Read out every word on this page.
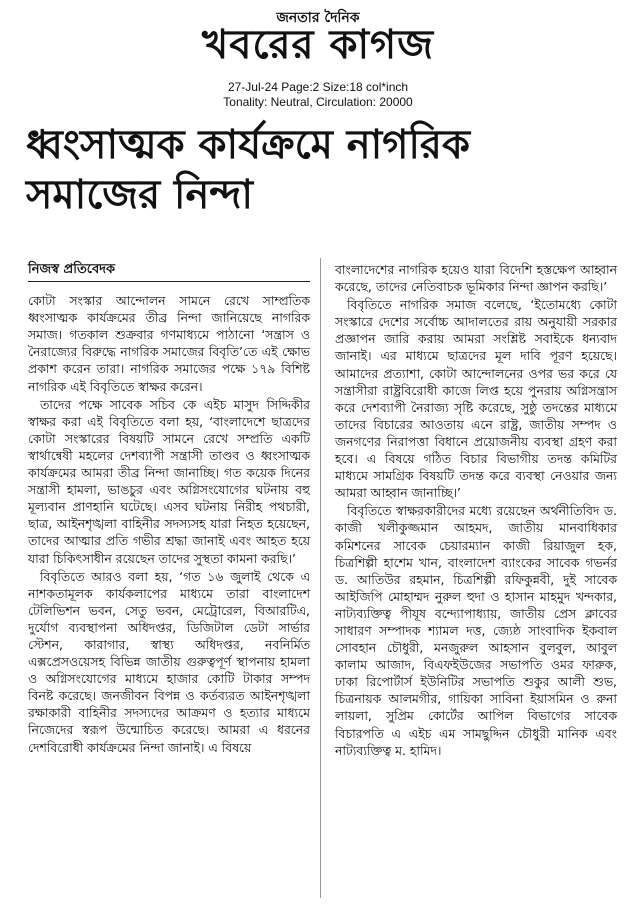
জনতার দৈনিক
খবরের কাগজ
27-Jul-24 Page:2 Size:18 col*inch
Tonality: Neutral, Circulation: 20000
ধ্বংসাত্মক কার্যক্রমে নাগরিক
সমাজের নিন্দা
নিজস্ব প্রতিবেদক

কোটা সংস্কার আন্দোলন সামনে রেখে সাম্প্রতিক ধ্বংসাত্মক কার্যক্রমের তীব্র নিন্দা জানিয়েছে নাগরিক সমাজ। গতকাল শুক্রবার গণমাধ্যমে পাঠানো ‘সন্ত্রাস ও নৈরাজ্যের বিরুদ্ধে নাগরিক সমাজের বিবৃতি’তে এই ক্ষোভ প্রকাশ করেন তারা। নাগরিক সমাজের পক্ষে ১৭৯ বিশিষ্ট নাগরিক এই বিবৃতিতে স্বাক্ষর করেন।

তাদের পক্ষে সাবেক সচিব কে এইচ মাসুদ সিদ্দিকীর স্বাক্ষর করা এই বিবৃতিতে বলা হয়, ‘বাংলাদেশে ছাত্রদের কোটা সংস্কারের বিষয়টি সামনে রেখে সম্প্রতি একটি স্বার্থান্বেষী মহলের দেশব্যাপী সন্ত্রাসী তাণ্ডব ও ধ্বংসাত্মক কার্যক্রমের আমরা তীব্র নিন্দা জানাচ্ছি। গত কয়েক দিনের সন্ত্রাসী হামলা, ভাঙচুর এবং অগ্নিসংযোগের ঘটনায় বহু মূল্যবান প্রাণহানি ঘটেছে। এসব ঘটনায় নিরীহ পথচারী, ছাত্র, আইনশৃঙ্খলা বাহিনীর সদস্যসহ যারা নিহত হয়েছেন, তাদের আত্মার প্রতি গভীর শ্রদ্ধা জানাই এবং আহত হয়ে যারা চিকিৎসাধীন রয়েছেন তাদের সুস্থতা কামনা করছি।’

বিবৃতিতে আরও বলা হয়, ‘গত ১৬ জুলাই থেকে এ নাশকতামূলক কার্যকলাপের মাধ্যমে তারা বাংলাদেশ টেলিভিশন ভবন, সেতু ভবন, মেট্রোরেল, বিআরটিএ, দুর্যোগ ব্যবস্থাপনা অধিদপ্তর, ডিজিটাল ডেটা সার্ভার স্টেশন, কারাগার, স্বাস্থ্য অধিদপ্তর, নবনির্মিত এক্সপ্রেসওয়েসহ বিভিন্ন জাতীয় গুরুত্বপূর্ণ স্থাপনায় হামলা ও অগ্নিসংযোগের মাধ্যমে হাজার কোটি টাকার সম্পদ বিনষ্ট করেছে। জনজীবন বিপন্ন ও কর্তব্যরত আইনশৃঙ্খলা রক্ষাকারী বাহিনীর সদস্যদের আক্রমণ ও হত্যার মাধ্যমে নিজেদের স্বরূপ উন্মোচিত করেছে। আমরা এ ধরনের দেশবিরোধী কার্যক্রমের নিন্দা জানাই। এ বিষয়ে

বাংলাদেশের নাগরিক হয়েও যারা বিদেশি হস্তক্ষেপ আহ্বান করেছে, তাদের নেতিবাচক ভূমিকার নিন্দা জ্ঞাপন করছি।’

বিবৃতিতে নাগরিক সমাজ বলেছে, ‘ইতোমধ্যে কোটা সংস্কারে দেশের সর্বোচ্চ আদালতের রায় অনুযায়ী সরকার প্রজ্ঞাপন জারি করায় আমরা সংশ্লিষ্ট সবাইকে ধন্যবাদ জানাই। এর মাধ্যমে ছাত্রদের মূল দাবি পূরণ হয়েছে। আমাদের প্রত্যাশা, কোটা আন্দোলনের ওপর ভর করে যে সন্ত্রাসীরা রাষ্ট্রবিরোধী কাজে লিপ্ত হয়ে পুনরায় অগ্নিসন্ত্রাস করে দেশব্যাপী নৈরাজ্য সৃষ্টি করেছে, সুষ্ঠু তদন্তের মাধ্যমে তাদের বিচারের আওতায় এনে রাষ্ট্র, জাতীয় সম্পদ ও জনগণের নিরাপত্তা বিধানে প্রয়োজনীয় ব্যবস্থা গ্রহণ করা হবে। এ বিষয়ে গঠিত বিচার বিভাগীয় তদন্ত কমিটির মাধ্যমে সামগ্রিক বিষয়টি তদন্ত করে ব্যবস্থা নেওয়ার জন্য আমরা আহ্বান জানাচ্ছি।’

বিবৃতিতে স্বাক্ষরকারীদের মধ্যে রয়েছেন অর্থনীতিবিদ ড. কাজী খলীকুজ্জমান আহমদ, জাতীয় মানবাধিকার কমিশনের সাবেক চেয়ারম্যান কাজী রিয়াজুল হক, চিত্রশিল্পী হাশেম খান, বাংলাদেশ ব্যাংকের সাবেক গভর্নর ড. আতিউর রহমান, চিত্রশিল্পী রফিকুন্নবী, দুই সাবেক আইজিপি মোহাম্মদ নুরুল হুদা ও হাসান মাহমুদ খন্দকার, নাট্যব্যক্তিত্ব পীযূষ বন্দ্যোপাধ্যায়, জাতীয় প্রেস ক্লাবের সাধারণ সম্পাদক শ্যামল দত্ত, জ্যেষ্ঠ সাংবাদিক ইকবাল সোবহান চৌধুরী, মনজুরুল আহসান বুলবুল, আবুল কালাম আজাদ, বিএফইউজের সভাপতি ওমর ফারুক, ঢাকা রিপোর্টার্স ইউনিটির সভাপতি শুকুর আলী শুভ, চিত্রনায়ক আলমগীর, গায়িকা সাবিনা ইয়াসমিন ও রুনা লায়লা, সুপ্রিম কোর্টের আপিল বিভাগের সাবেক বিচারপতি এ এইচ এম সামছুদ্দিন চৌধুরী মানিক এবং নাট্যব্যক্তিত্ব ম. হামিদ।
